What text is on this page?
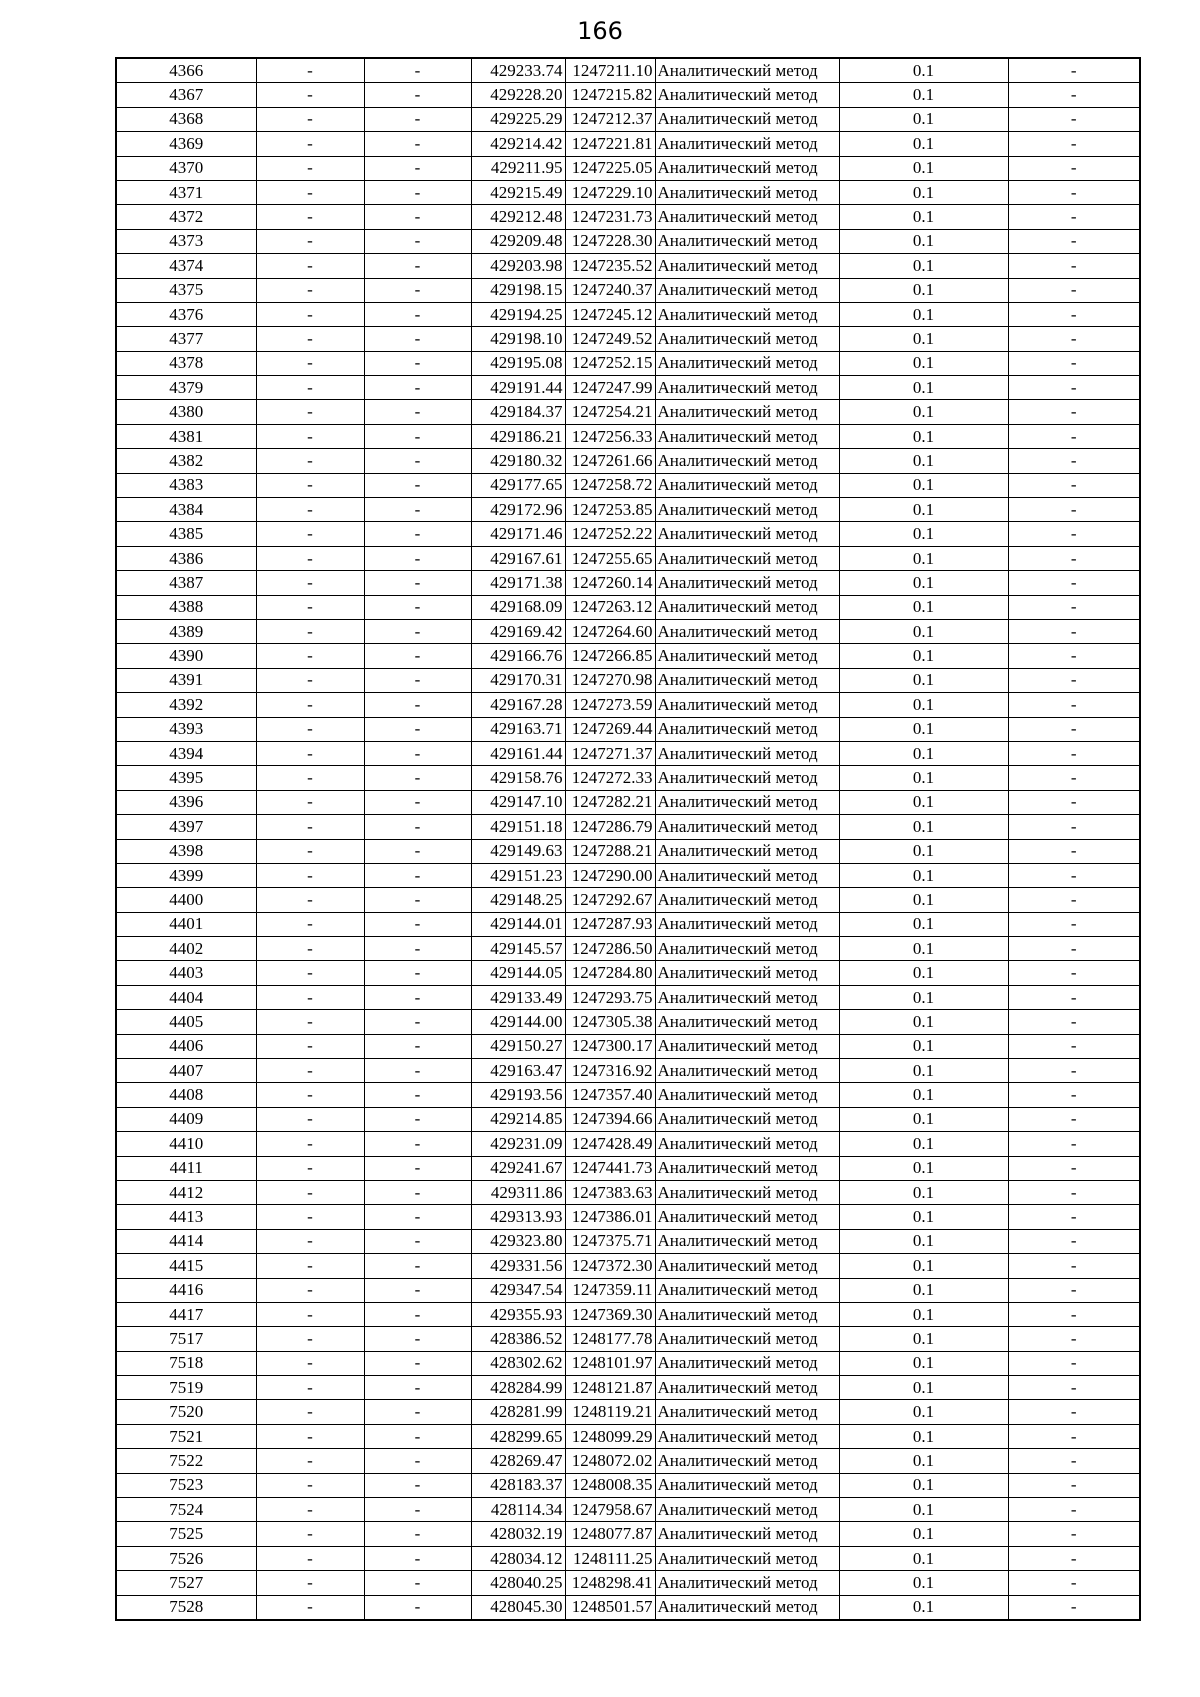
166
4366	-	-	429233.74	1247211.10	Аналитический метод	0.1	-
4367	-	-	429228.20	1247215.82	Аналитический метод	0.1	-
4368	-	-	429225.29	1247212.37	Аналитический метод	0.1	-
4369	-	-	429214.42	1247221.81	Аналитический метод	0.1	-
4370	-	-	429211.95	1247225.05	Аналитический метод	0.1	-
4371	-	-	429215.49	1247229.10	Аналитический метод	0.1	-
4372	-	-	429212.48	1247231.73	Аналитический метод	0.1	-
4373	-	-	429209.48	1247228.30	Аналитический метод	0.1	-
4374	-	-	429203.98	1247235.52	Аналитический метод	0.1	-
4375	-	-	429198.15	1247240.37	Аналитический метод	0.1	-
4376	-	-	429194.25	1247245.12	Аналитический метод	0.1	-
4377	-	-	429198.10	1247249.52	Аналитический метод	0.1	-
4378	-	-	429195.08	1247252.15	Аналитический метод	0.1	-
4379	-	-	429191.44	1247247.99	Аналитический метод	0.1	-
4380	-	-	429184.37	1247254.21	Аналитический метод	0.1	-
4381	-	-	429186.21	1247256.33	Аналитический метод	0.1	-
4382	-	-	429180.32	1247261.66	Аналитический метод	0.1	-
4383	-	-	429177.65	1247258.72	Аналитический метод	0.1	-
4384	-	-	429172.96	1247253.85	Аналитический метод	0.1	-
4385	-	-	429171.46	1247252.22	Аналитический метод	0.1	-
4386	-	-	429167.61	1247255.65	Аналитический метод	0.1	-
4387	-	-	429171.38	1247260.14	Аналитический метод	0.1	-
4388	-	-	429168.09	1247263.12	Аналитический метод	0.1	-
4389	-	-	429169.42	1247264.60	Аналитический метод	0.1	-
4390	-	-	429166.76	1247266.85	Аналитический метод	0.1	-
4391	-	-	429170.31	1247270.98	Аналитический метод	0.1	-
4392	-	-	429167.28	1247273.59	Аналитический метод	0.1	-
4393	-	-	429163.71	1247269.44	Аналитический метод	0.1	-
4394	-	-	429161.44	1247271.37	Аналитический метод	0.1	-
4395	-	-	429158.76	1247272.33	Аналитический метод	0.1	-
4396	-	-	429147.10	1247282.21	Аналитический метод	0.1	-
4397	-	-	429151.18	1247286.79	Аналитический метод	0.1	-
4398	-	-	429149.63	1247288.21	Аналитический метод	0.1	-
4399	-	-	429151.23	1247290.00	Аналитический метод	0.1	-
4400	-	-	429148.25	1247292.67	Аналитический метод	0.1	-
4401	-	-	429144.01	1247287.93	Аналитический метод	0.1	-
4402	-	-	429145.57	1247286.50	Аналитический метод	0.1	-
4403	-	-	429144.05	1247284.80	Аналитический метод	0.1	-
4404	-	-	429133.49	1247293.75	Аналитический метод	0.1	-
4405	-	-	429144.00	1247305.38	Аналитический метод	0.1	-
4406	-	-	429150.27	1247300.17	Аналитический метод	0.1	-
4407	-	-	429163.47	1247316.92	Аналитический метод	0.1	-
4408	-	-	429193.56	1247357.40	Аналитический метод	0.1	-
4409	-	-	429214.85	1247394.66	Аналитический метод	0.1	-
4410	-	-	429231.09	1247428.49	Аналитический метод	0.1	-
4411	-	-	429241.67	1247441.73	Аналитический метод	0.1	-
4412	-	-	429311.86	1247383.63	Аналитический метод	0.1	-
4413	-	-	429313.93	1247386.01	Аналитический метод	0.1	-
4414	-	-	429323.80	1247375.71	Аналитический метод	0.1	-
4415	-	-	429331.56	1247372.30	Аналитический метод	0.1	-
4416	-	-	429347.54	1247359.11	Аналитический метод	0.1	-
4417	-	-	429355.93	1247369.30	Аналитический метод	0.1	-
7517	-	-	428386.52	1248177.78	Аналитический метод	0.1	-
7518	-	-	428302.62	1248101.97	Аналитический метод	0.1	-
7519	-	-	428284.99	1248121.87	Аналитический метод	0.1	-
7520	-	-	428281.99	1248119.21	Аналитический метод	0.1	-
7521	-	-	428299.65	1248099.29	Аналитический метод	0.1	-
7522	-	-	428269.47	1248072.02	Аналитический метод	0.1	-
7523	-	-	428183.37	1248008.35	Аналитический метод	0.1	-
7524	-	-	428114.34	1247958.67	Аналитический метод	0.1	-
7525	-	-	428032.19	1248077.87	Аналитический метод	0.1	-
7526	-	-	428034.12	1248111.25	Аналитический метод	0.1	-
7527	-	-	428040.25	1248298.41	Аналитический метод	0.1	-
7528	-	-	428045.30	1248501.57	Аналитический метод	0.1	-
